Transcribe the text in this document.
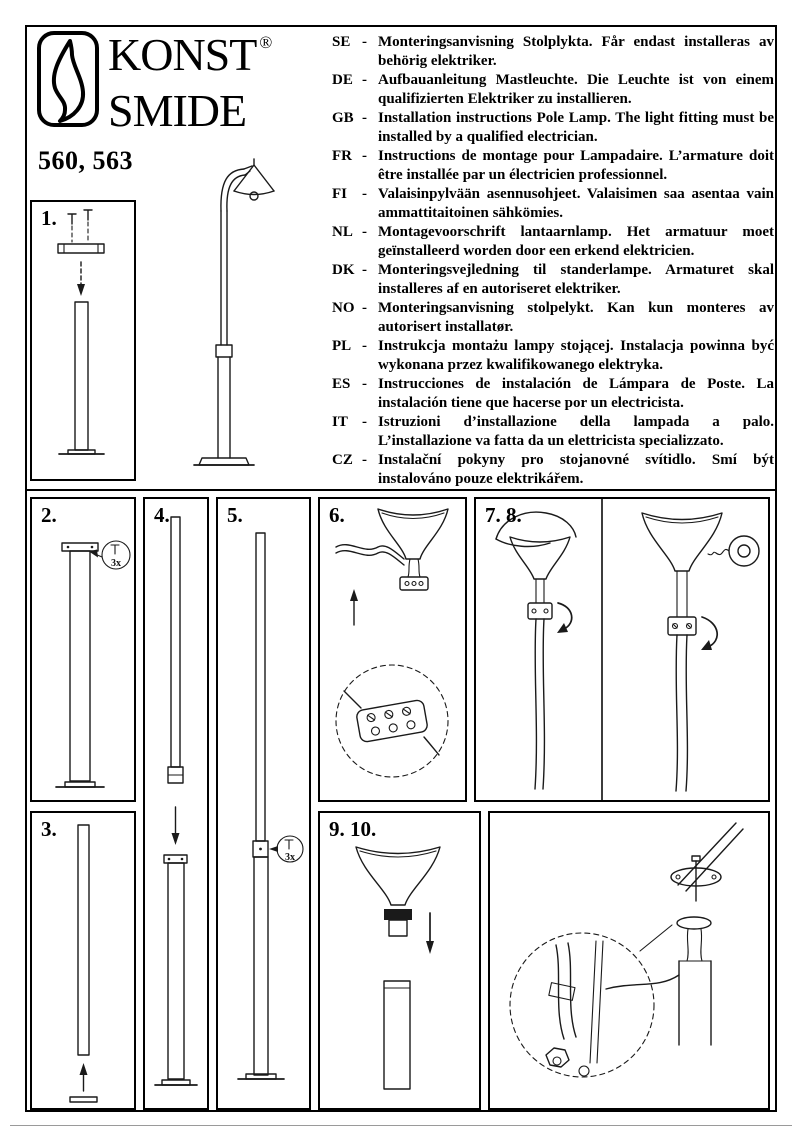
KONST ®
SMIDE
560, 563
SE - Monteringsanvisning Stolplykta. Får endast installeras av behörig elektriker.
DE - Aufbauanleitung Mastleuchte. Die Leuchte ist von einem qualifizierten Elektriker zu installieren.
GB - Installation instructions Pole Lamp. The light fitting must be installed by a qualified electrician.
FR - Instructions de montage pour Lampadaire. L’armature doit être installée par un électricien professionnel.
FI	- Valaisinpylvään asennusohjeet. Valaisimen saa asentaa vain ammattitaitoinen sähkömies.
NL - Montagevoorschrift lantaarnlamp. Het armatuur moet geïnstalleerd worden door een erkend elektricien.
DK - Monteringsvejledning til standerlampe. Armaturet skal installeres af en autoriseret elektriker.
NO - Monteringsanvisning stolpelykt. Kan kun monteres av autorisert installatør.
PL - Instrukcja montażu lampy stojącej. Instalacja powinna być wykonana przez kwalifikowanego elektryka.
ES - Instrucciones de instalación de Lámpara de Poste. La instalación tiene que hacerse por un electricista.
IT - Istruzioni d’installazione della lampada a palo. L’installazione va fatta da un elettricista specializzato.
CZ - Instalační pokyny pro stojanovné svítidlo. Smí být instalováno pouze elektrikářem.
1.
2.
3x
3.
4.	5.
3x
6.	7. 8.
9. 10.
